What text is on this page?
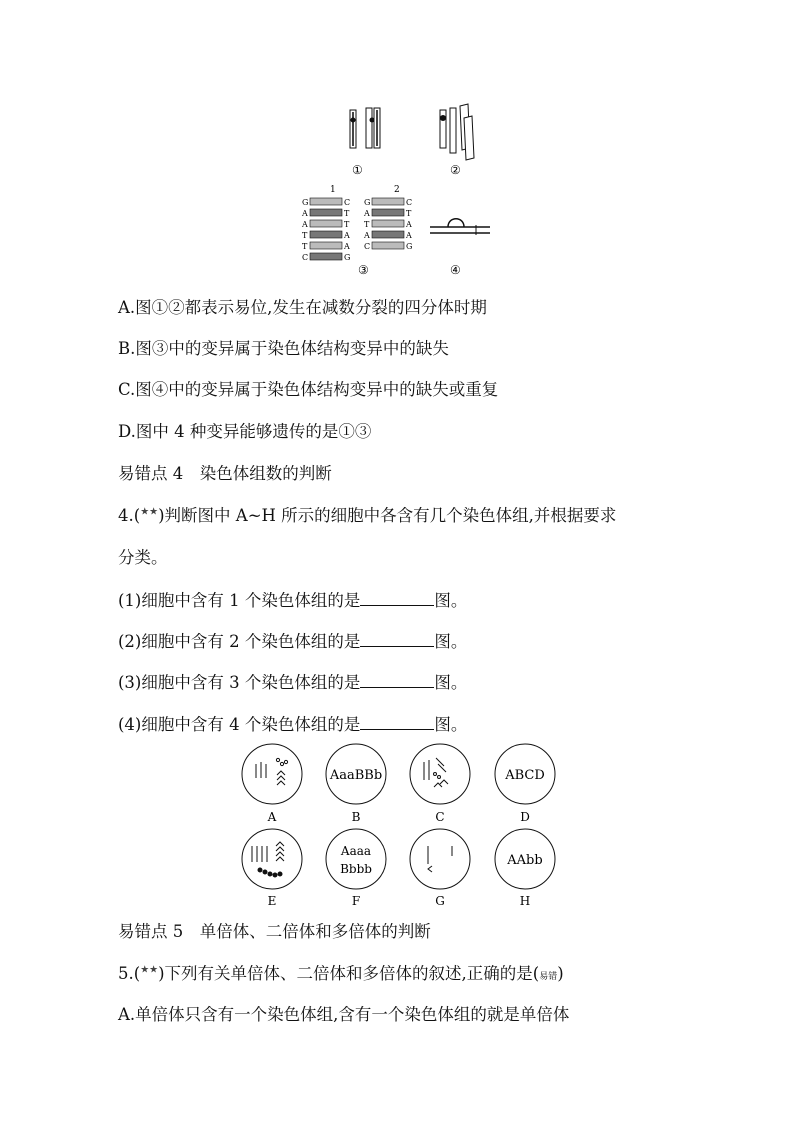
①	②
1	2
G	C
A	T
A	T
T	A
T	A
C	G
G	C
A	T
T	A
A	A
C	G
③	④
A.图①②都表示易位,发生在减数分裂的四分体时期
B.图③中的变异属于染色体结构变异中的缺失
C.图④中的变异属于染色体结构变异中的缺失或重复
D.图中 4 种变异能够遗传的是①③
易错点 4　染色体组数的判断
4.(★★)判断图中 A~H 所示的细胞中各含有几个染色体组,并根据要求
分类。
(1)细胞中含有 1 个染色体组的是	图。
(2)细胞中含有 2 个染色体组的是	图。
(3)细胞中含有 3 个染色体组的是	图。
(4)细胞中含有 4 个染色体组的是	图。
AaaBBb	ABCD
Aaaa
Bbbb
AAbb
A	B	C	D
E	F	G	H
易错点 5　单倍体、二倍体和多倍体的判断
5.(★★)下列有关单倍体、二倍体和多倍体的叙述,正确的是(易错)
A.单倍体只含有一个染色体组,含有一个染色体组的就是单倍体
